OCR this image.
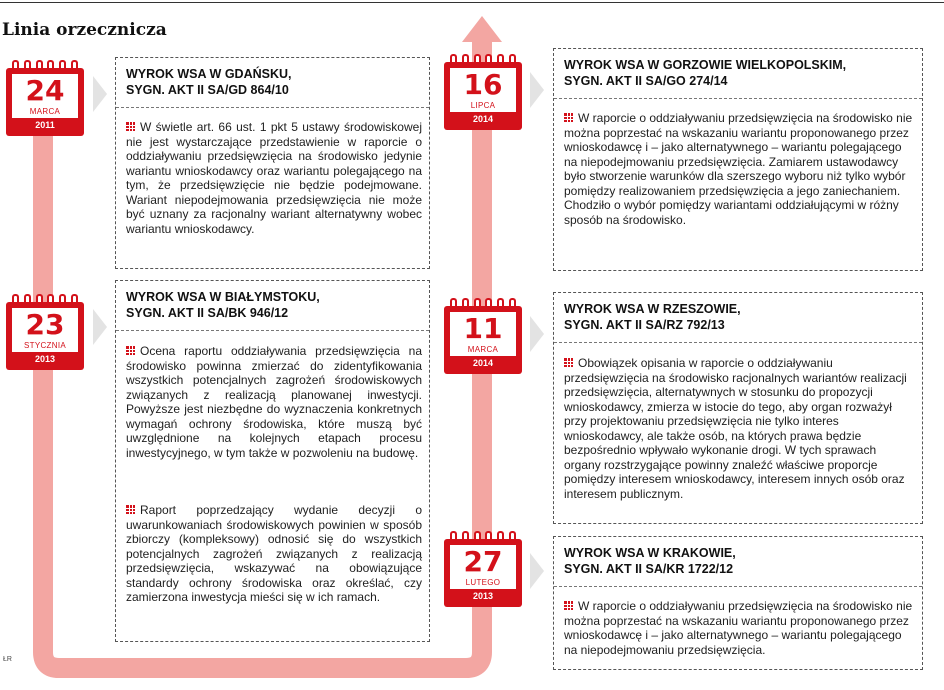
Linia orzecznicza
24
MARCA
2011
23
STYCZNIA
2013
27
LUTEGO
2013
11
MARCA
2014
16
LIPCA
2014
WYROK WSA W GDAŃSKU,
SYGN. AKT II SA/GD 864/10
W świetle art. 66 ust. 1 pkt 5 ustawy środowiskowej nie jest wystarczające przedstawienie w raporcie o oddziaływaniu przedsięwzięcia na środowisko jedynie wariantu wnioskodawcy oraz wariantu polegającego na tym, że przedsięwzięcie nie będzie podejmowane. Wariant niepodejmowania przedsięwzięcia nie może być uznany za racjonalny wariant alternatywny wobec wariantu wnioskodawcy.
WYROK WSA W BIAŁYMSTOKU,
SYGN. AKT II SA/BK 946/12
Ocena raportu oddziaływania przedsięwzięcia na środowisko powinna zmierzać do zidentyfikowania wszystkich potencjalnych zagrożeń środowiskowych związanych z realizacją planowanej inwestycji. Powyższe jest niezbędne do wyznaczenia konkretnych wymagań ochrony środowiska, które muszą być uwzględnione na kolejnych etapach procesu inwestycyjnego, w tym także w pozwoleniu na budowę.
Raport poprzedzający wydanie decyzji o uwarunkowaniach środowiskowych powinien w sposób zbiorczy (kompleksowy) odnosić się do wszystkich potencjalnych zagrożeń związanych z realizacją przedsięwzięcia, wskazywać na obowiązujące standardy ochrony środowiska oraz określać, czy zamierzona inwestycja mieści się w ich ramach.
WYROK WSA W GORZOWIE WIELKOPOLSKIM,
SYGN. AKT II SA/GO 274/14
W raporcie o oddziaływaniu przedsięwzięcia na środowisko nie można poprzestać na wskazaniu wariantu proponowanego przez wnioskodawcę i – jako alternatywnego – wariantu polegającego na niepodejmowaniu przedsięwzięcia. Zamiarem ustawodawcy było stworzenie warunków dla szerszego wyboru niż tylko wybór pomiędzy realizowaniem przedsięwzięcia a jego zaniechaniem. Chodziło o wybór pomiędzy wariantami oddziałującymi w różny sposób na środowisko.
WYROK WSA W RZESZOWIE,
SYGN. AKT II SA/RZ 792/13
Obowiązek opisania w raporcie o oddziaływaniu przedsięwzięcia na środowisko racjonalnych wariantów realizacji przedsięwzięcia, alternatywnych w stosunku do propozycji wnioskodawcy, zmierza w istocie do tego, aby organ rozważył przy projektowaniu przedsięwzięcia nie tylko interes wnioskodawcy, ale także osób, na których prawa będzie bezpośrednio wpływało wykonanie drogi. W tych sprawach organy rozstrzygające powinny znaleźć właściwe proporcje pomiędzy interesem wnioskodawcy, interesem innych osób oraz interesem publicznym.
WYROK WSA W KRAKOWIE,
SYGN. AKT II SA/KR 1722/12
W raporcie o oddziaływaniu przedsięwzięcia na środowisko nie można poprzestać na wskazaniu wariantu proponowanego przez wnioskodawcę i – jako alternatywnego – wariantu polegającego na niepodejmowaniu przedsięwzięcia.
ŁR
